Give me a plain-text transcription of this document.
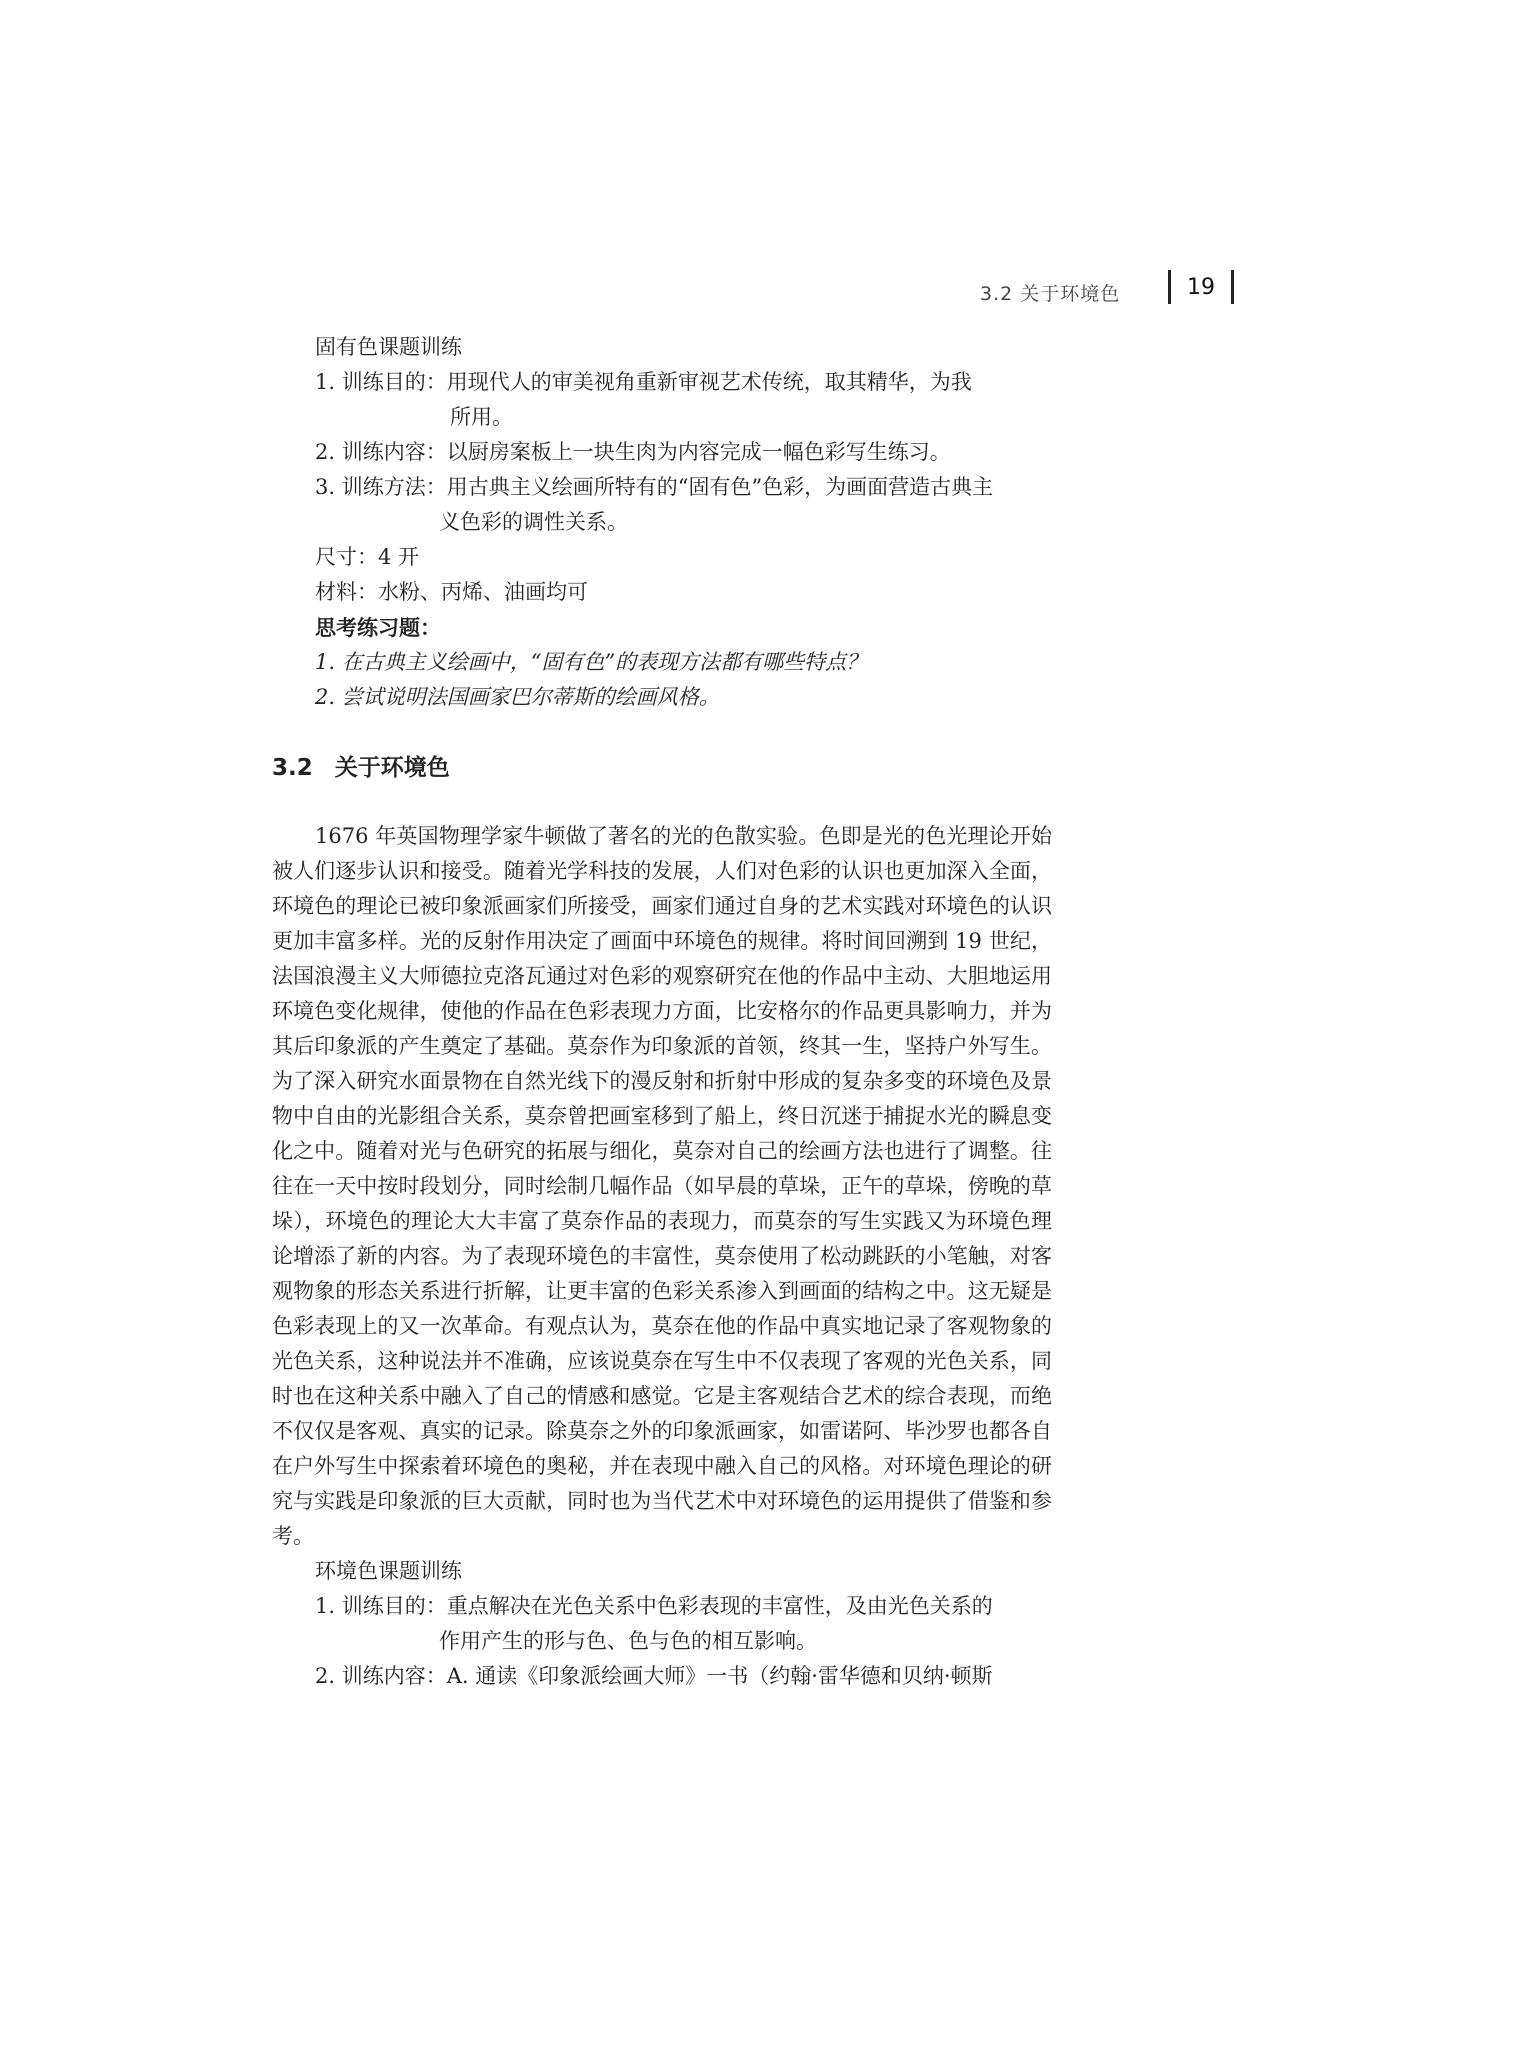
3.2 关于环境色	19
固有色课题训练
1. 训练目的：用现代人的审美视角重新审视艺术传统，取其精华，为我
所用。
2. 训练内容：以厨房案板上一块生肉为内容完成一幅色彩写生练习。
3. 训练方法：用古典主义绘画所特有的“固有色”色彩，为画面营造古典主
义色彩的调性关系。
尺寸：4 开
材料：水粉、丙烯、油画均可
思考练习题：
1. 在古典主义绘画中，“固有色”的表现方法都有哪些特点？
2. 尝试说明法国画家巴尔蒂斯的绘画风格。
3.2 关于环境色
1676 年英国物理学家牛顿做了著名的光的色散实验。色即是光的色光理论开始被人们逐步认识和接受。随着光学科技的发展，人们对色彩的认识也更加深入全面，环境色的理论已被印象派画家们所接受，画家们通过自身的艺术实践对环境色的认识更加丰富多样。光的反射作用决定了画面中环境色的规律。将时间回溯到 19 世纪，法国浪漫主义大师德拉克洛瓦通过对色彩的观察研究在他的作品中主动、大胆地运用环境色变化规律，使他的作品在色彩表现力方面，比安格尔的作品更具影响力，并为其后印象派的产生奠定了基础。莫奈作为印象派的首领，终其一生，坚持户外写生。为了深入研究水面景物在自然光线下的漫反射和折射中形成的复杂多变的环境色及景物中自由的光影组合关系，莫奈曾把画室移到了船上，终日沉迷于捕捉水光的瞬息变化之中。随着对光与色研究的拓展与细化，莫奈对自己的绘画方法也进行了调整。往往在一天中按时段划分，同时绘制几幅作品（如早晨的草垛，正午的草垛，傍晚的草垛），环境色的理论大大丰富了莫奈作品的表现力，而莫奈的写生实践又为环境色理论增添了新的内容。为了表现环境色的丰富性，莫奈使用了松动跳跃的小笔触，对客观物象的形态关系进行折解，让更丰富的色彩关系渗入到画面的结构之中。这无疑是色彩表现上的又一次革命。有观点认为，莫奈在他的作品中真实地记录了客观物象的光色关系，这种说法并不准确，应该说莫奈在写生中不仅表现了客观的光色关系，同时也在这种关系中融入了自己的情感和感觉。它是主客观结合艺术的综合表现，而绝不仅仅是客观、真实的记录。除莫奈之外的印象派画家，如雷诺阿、毕沙罗也都各自在户外写生中探索着环境色的奥秘，并在表现中融入自己的风格。对环境色理论的研究与实践是印象派的巨大贡献，同时也为当代艺术中对环境色的运用提供了借鉴和参考。
环境色课题训练
1. 训练目的：重点解决在光色关系中色彩表现的丰富性，及由光色关系的
作用产生的形与色、色与色的相互影响。
2. 训练内容：A. 通读《印象派绘画大师》一书（约翰·雷华德和贝纳·顿斯
